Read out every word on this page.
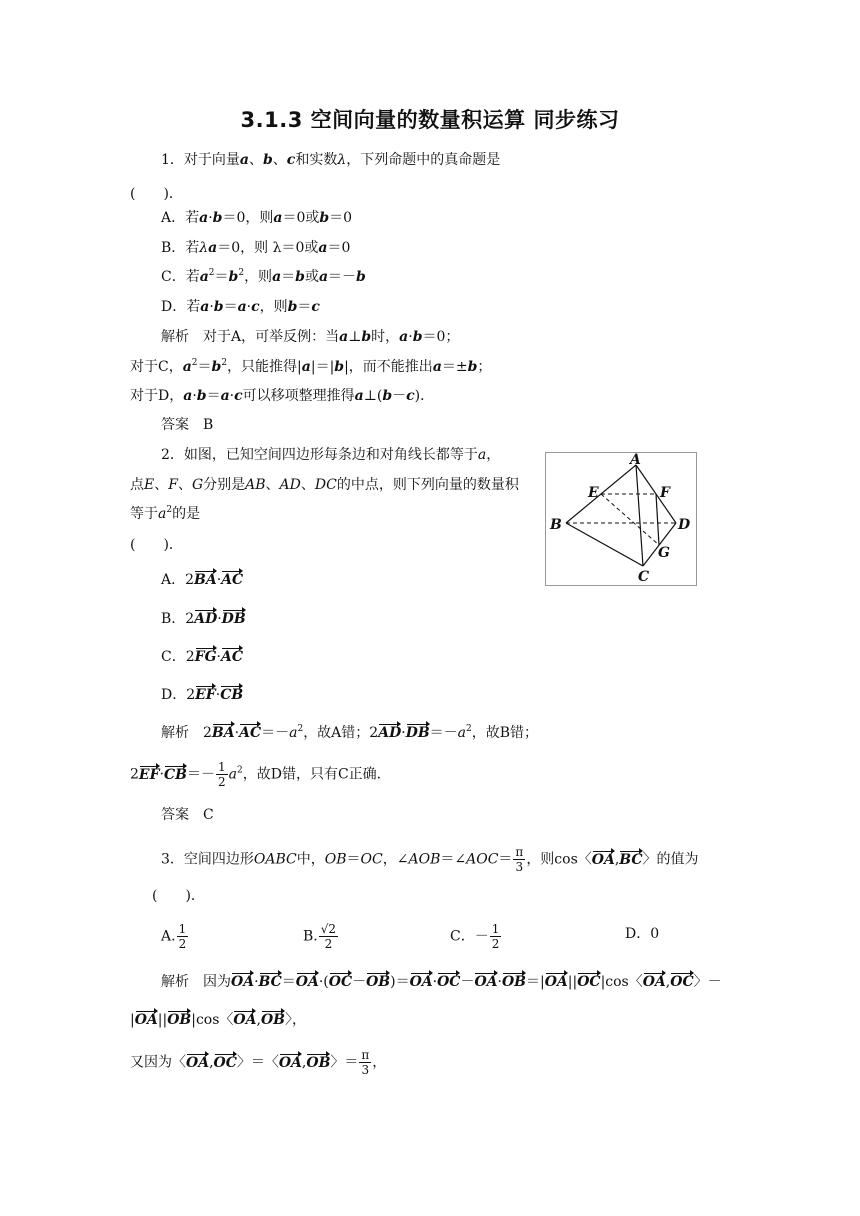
3.1.3 空间向量的数量积运算 同步练习
1．对于向量a、b、c和实数λ，下列命题中的真命题是
(　　)．
A．若a·b＝0，则a＝0或b＝0
B．若λa＝0，则 λ＝0或a＝0
C．若$a^2=b^2$，则a＝b或a＝－b
D．若a·b＝a·c，则b＝c
解析　对于A，可举反例：当a⊥b时，a·b＝0；
对于C，$a^2=b^2$，只能推得|a|＝|b|，而不能推出a＝±b；
对于D，a·b＝a·c可以移项整理推得a⊥(b－c)．
答案　B
2．如图，已知空间四边形每条边和对角线长都等于a，
点E、F、G分别是AB、AD、DC的中点，则下列向量的数量积
等于$a^2$的是
(　　)．
A
B
C
D
E	F
G
A．2BA·AC
B．2AD·DB
C．2FG·AC
D．2EF·CB
解析　$2BA\cdot AC=-a^2$，故A错；$2AD\cdot DB=-a^2$，故B错；
$2EF\cdot CB=- \frac{1}{2} a^2$，故D错，只有C正确．
答案　C
3．空间四边形OABC中，OB＝OC，∠AOB＝∠AOC＝ $\frac{\pi}{3}$ ，则cos〈OA,BC〉的值为
(　　)．
A. $\frac{1}{2}$	B. $\frac{√2}{2}$	C．－ $\frac{1}{2}$	D．0
解析　因为OA·BC＝OA·(OC－OB)＝OA·OC－OA·OB＝|OA||OC|cos〈OA,OC〉－
|OA||OB|cos〈OA,OB〉，
又因为〈OA,OC〉＝〈OA,OB〉＝ $\frac{\pi}{3}$ ，
